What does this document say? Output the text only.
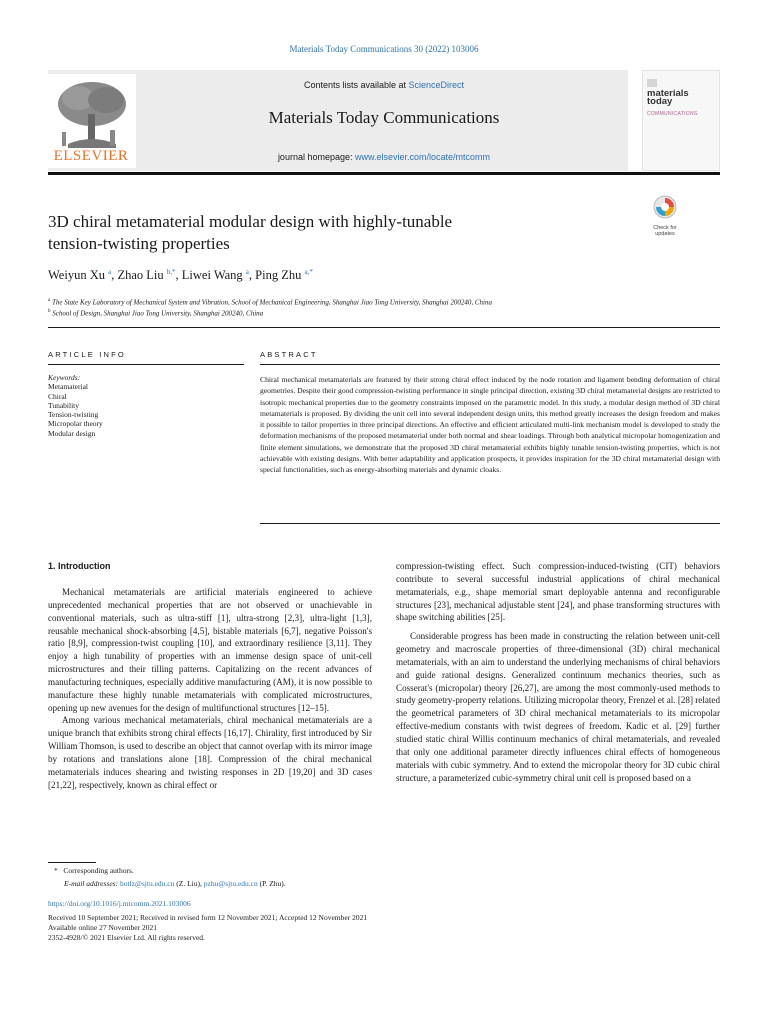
Materials Today Communications 30 (2022) 103006
ELSEVIER
Contents lists available at ScienceDirect
Materials Today Communications
journal homepage: www.elsevier.com/locate/mtcomm
materials
today
COMMUNICATIONS
3D chiral metamaterial modular design with highly-tunable
tension-twisting properties
Check for
updates
Weiyun Xu $^a$, Zhao Liu $^{b,*}$, Liwei Wang $^a$, Ping Zhu $^{a,*}$
$^a$ The State Key Laboratory of Mechanical System and Vibration, School of Mechanical Engineering, Shanghai Jiao Tong University, Shanghai 200240, China
$^b$ School of Design, Shanghai Jiao Tong University, Shanghai 200240, China
ARTICLE INFO	ABSTRACT
Keywords:
Metamaterial
Chiral
Tunability
Tension-twisting
Micropolar theory
Modular design
Chiral mechanical metamaterials are featured by their strong chiral effect induced by the node rotation and ligament bending deformation of chiral geometries. Despite their good compression-twisting performance in single principal direction, existing 3D chiral metamaterial designs are restricted to isotropic mechanical properties due to the geometry constraints imposed on the parametric model. In this study, a modular design method of 3D chiral metamaterials is proposed. By dividing the unit cell into several independent design units, this method greatly increases the design freedom and makes it possible to tailor properties in three principal directions. An effective and efficient articulated multi-link mechanism model is developed to study the deformation mechanisms of the proposed metamaterial under both normal and shear loadings. Through both analytical micropolar homogenization and finite element simulations, we demonstrate that the proposed 3D chiral metamaterial exhibits highly tunable tension-twisting properties, which is not achievable with existing designs. With better adaptability and application prospects, it provides inspiration for the 3D chiral metamaterial design with special functionalities, such as energy-absorbing materials and dynamic cloaks.
1. Introduction

Mechanical metamaterials are artificial materials engineered to achieve unprecedented mechanical properties that are not observed or unachievable in conventional materials, such as ultra-stiff [1], ultra-strong [2,3], ultra-light [1,3], reusable mechanical shock-absorbing [4,5], bistable materials [6,7], negative Poisson's ratio [8,9], compression-twist coupling [10], and extraordinary resilience [3,11]. They enjoy a high tunability of properties with an immense design space of unit-cell microstructures and their tilling patterns. Capitalizing on the recent advances of manufacturing techniques, especially additive manufacturing (AM), it is now possible to manufacture these highly tunable metamaterials with complicated microstructures, opening up new avenues for the design of multifunctional structures [12–15].

Among various mechanical metamaterials, chiral mechanical metamaterials are a unique branch that exhibits strong chiral effects [16,17]. Chirality, first introduced by Sir William Thomson, is used to describe an object that cannot overlap with its mirror image by rotations and translations alone [18]. Compression of the chiral mechanical metamaterials induces shearing and twisting responses in 2D [19,20] and 3D cases [21,22], respectively, known as chiral effect or

compression-twisting effect. Such compression-induced-twisting (CIT) behaviors contribute to several successful industrial applications of chiral mechanical metamaterials, e.g., shape memorial smart deployable antenna and reconfigurable structures [23], mechanical adjustable stent [24], and phase transforming structures with shape switching abilities [25].

Considerable progress has been made in constructing the relation between unit-cell geometry and macroscale properties of three-dimensional (3D) chiral mechanical metamaterials, with an aim to understand the underlying mechanisms of chiral behaviors and guide rational designs. Generalized continuum mechanics theories, such as Cosserat's (micropolar) theory [26,27], are among the most commonly-used methods to study geometry-property relations. Utilizing micropolar theory, Frenzel et al. [28] related the geometrical parameters of 3D chiral mechanical metamaterials to its micropolar effective-medium constants with twist degrees of freedom. Kadic et al. [29] further studied static chiral Willis continuum mechanics of chiral metamaterials, and revealed that only one additional parameter directly influences chiral effects of homogeneous materials with cubic symmetry. And to extend the micropolar theory for 3D cubic chiral structure, a parameterized cubic-symmetry chiral unit cell is proposed based on a

* Corresponding authors.
E-mail addresses: hotlz@sjtu.edu.cn (Z. Liu), pzhu@sjtu.edu.cn (P. Zhu).
https://doi.org/10.1016/j.mtcomm.2021.103006
Received 10 September 2021; Received in revised form 12 November 2021; Accepted 12 November 2021
Available online 27 November 2021
2352-4928/© 2021 Elsevier Ltd. All rights reserved.
